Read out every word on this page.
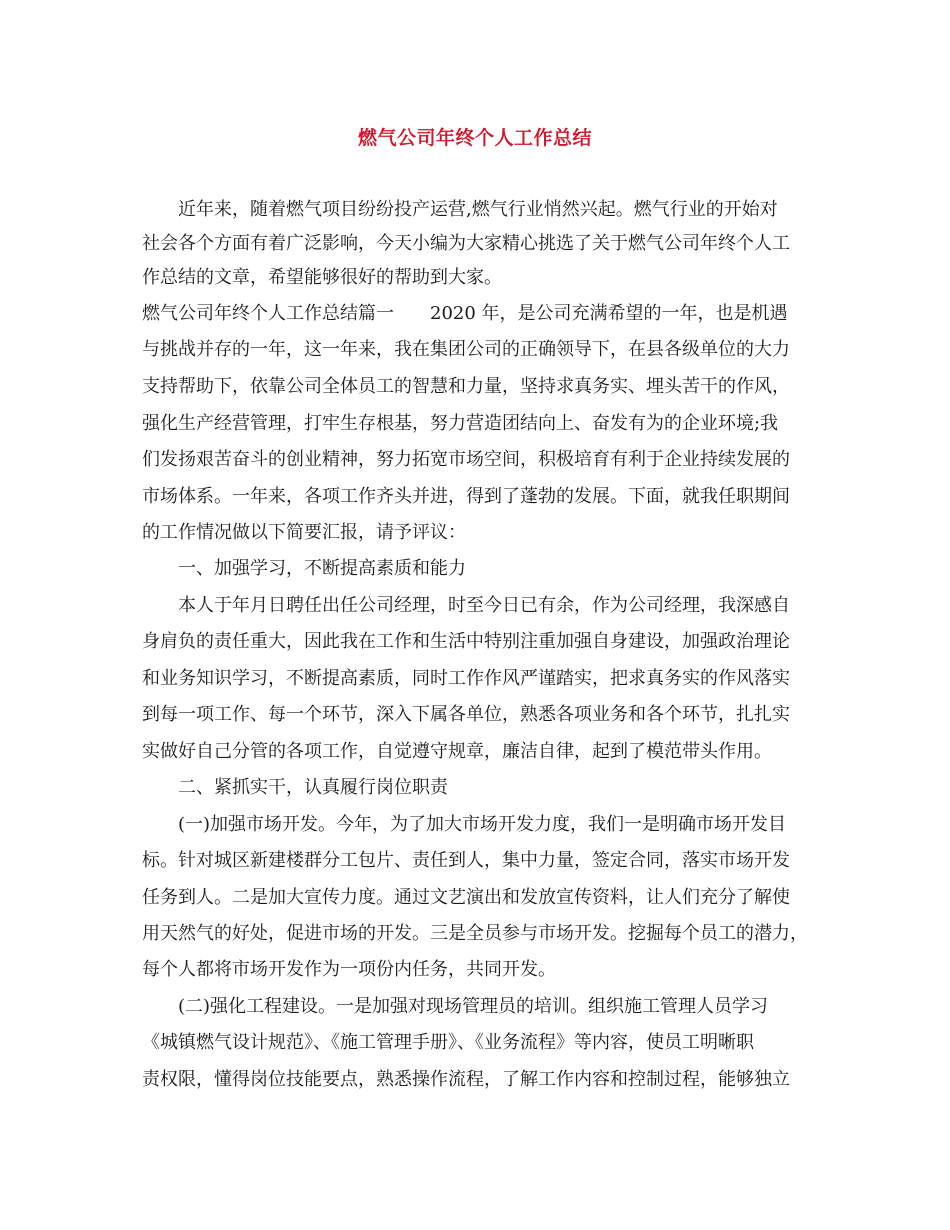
燃气公司年终个人工作总结
近年来，随着燃气项目纷纷投产运营,燃气行业悄然兴起。燃气行业的开始对
社会各个方面有着广泛影响，今天小编为大家精心挑选了关于燃气公司年终个人工
作总结的文章，希望能够很好的帮助到大家。
燃气公司年终个人工作总结篇一　　2020 年，是公司充满希望的一年，也是机遇
与挑战并存的一年，这一年来，我在集团公司的正确领导下，在县各级单位的大力
支持帮助下，依靠公司全体员工的智慧和力量，坚持求真务实、埋头苦干的作风，
强化生产经营管理，打牢生存根基，努力营造团结向上、奋发有为的企业环境;我
们发扬艰苦奋斗的创业精神，努力拓宽市场空间，积极培育有利于企业持续发展的
市场体系。一年来，各项工作齐头并进，得到了蓬勃的发展。下面，就我任职期间
的工作情况做以下简要汇报，请予评议：
一、加强学习，不断提高素质和能力
本人于年月日聘任出任公司经理，时至今日已有余，作为公司经理，我深感自
身肩负的责任重大，因此我在工作和生活中特别注重加强自身建设，加强政治理论
和业务知识学习，不断提高素质，同时工作作风严谨踏实，把求真务实的作风落实
到每一项工作、每一个环节，深入下属各单位，熟悉各项业务和各个环节，扎扎实
实做好自己分管的各项工作，自觉遵守规章，廉洁自律，起到了模范带头作用。
二、紧抓实干，认真履行岗位职责
(一)加强市场开发。今年，为了加大市场开发力度，我们一是明确市场开发目
标。针对城区新建楼群分工包片、责任到人，集中力量，签定合同，落实市场开发
任务到人。二是加大宣传力度。通过文艺演出和发放宣传资料，让人们充分了解使
用天然气的好处，促进市场的开发。三是全员参与市场开发。挖掘每个员工的潜力，
每个人都将市场开发作为一项份内任务，共同开发。
(二)强化工程建设。一是加强对现场管理员的培训。组织施工管理人员学习
《城镇燃气设计规范》、《施工管理手册》、《业务流程》等内容，使员工明晰职
责权限，懂得岗位技能要点，熟悉操作流程，了解工作内容和控制过程，能够独立
